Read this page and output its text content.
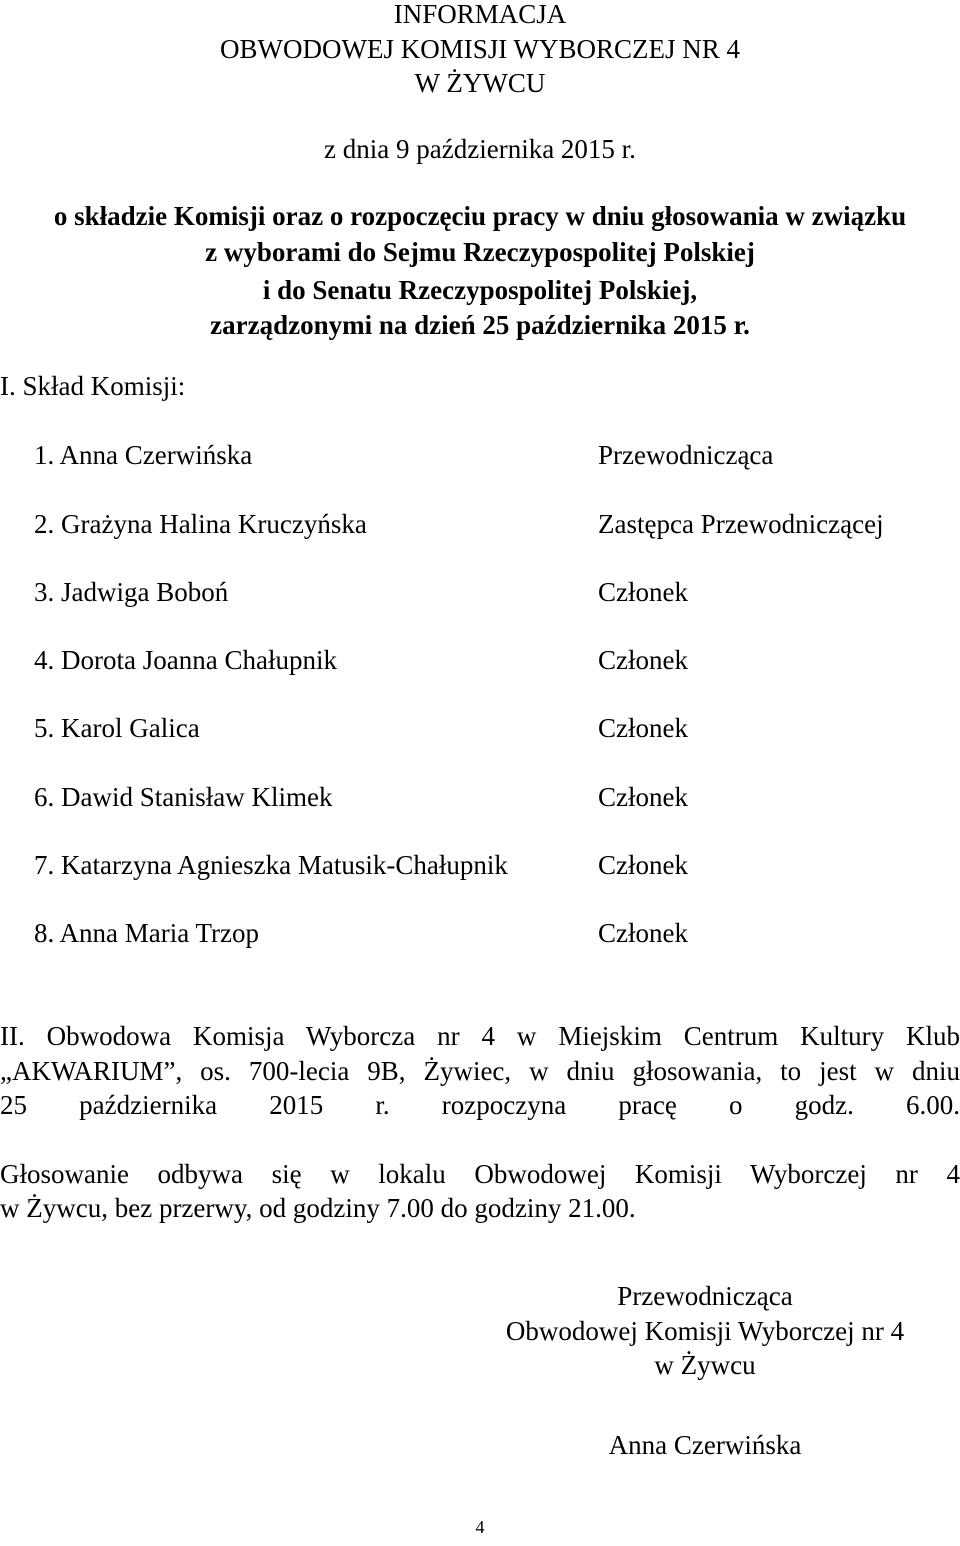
INFORMACJA
OBWODOWEJ KOMISJI WYBORCZEJ NR 4
W ŻYWCU
z dnia 9 października 2015 r.
o składzie Komisji oraz o rozpoczęciu pracy w dniu głosowania w związku
z wyborami do Sejmu Rzeczypospolitej Polskiej
i do Senatu Rzeczypospolitej Polskiej,
zarządzonymi na dzień 25 października 2015 r.
I. Skład Komisji:
1. Anna Czerwińska	Przewodnicząca
2. Grażyna Halina Kruczyńska	Zastępca Przewodniczącej
3. Jadwiga Boboń	Członek
4. Dorota Joanna Chałupnik	Członek
5. Karol Galica	Członek
6. Dawid Stanisław Klimek	Członek
7. Katarzyna Agnieszka Matusik-Chałupnik	Członek
8. Anna Maria Trzop	Członek
II. Obwodowa Komisja Wyborcza nr 4 w Miejskim Centrum Kultury Klub
„AKWARIUM”, os. 700-lecia 9B, Żywiec, w dniu głosowania, to jest w dniu
25 października 2015 r. rozpoczyna pracę o godz. 6.00.
Głosowanie odbywa się w lokalu Obwodowej Komisji Wyborczej nr 4
w Żywcu, bez przerwy, od godziny 7.00 do godziny 21.00.
Przewodnicząca
Obwodowej Komisji Wyborczej nr 4
w Żywcu
Anna Czerwińska
4
